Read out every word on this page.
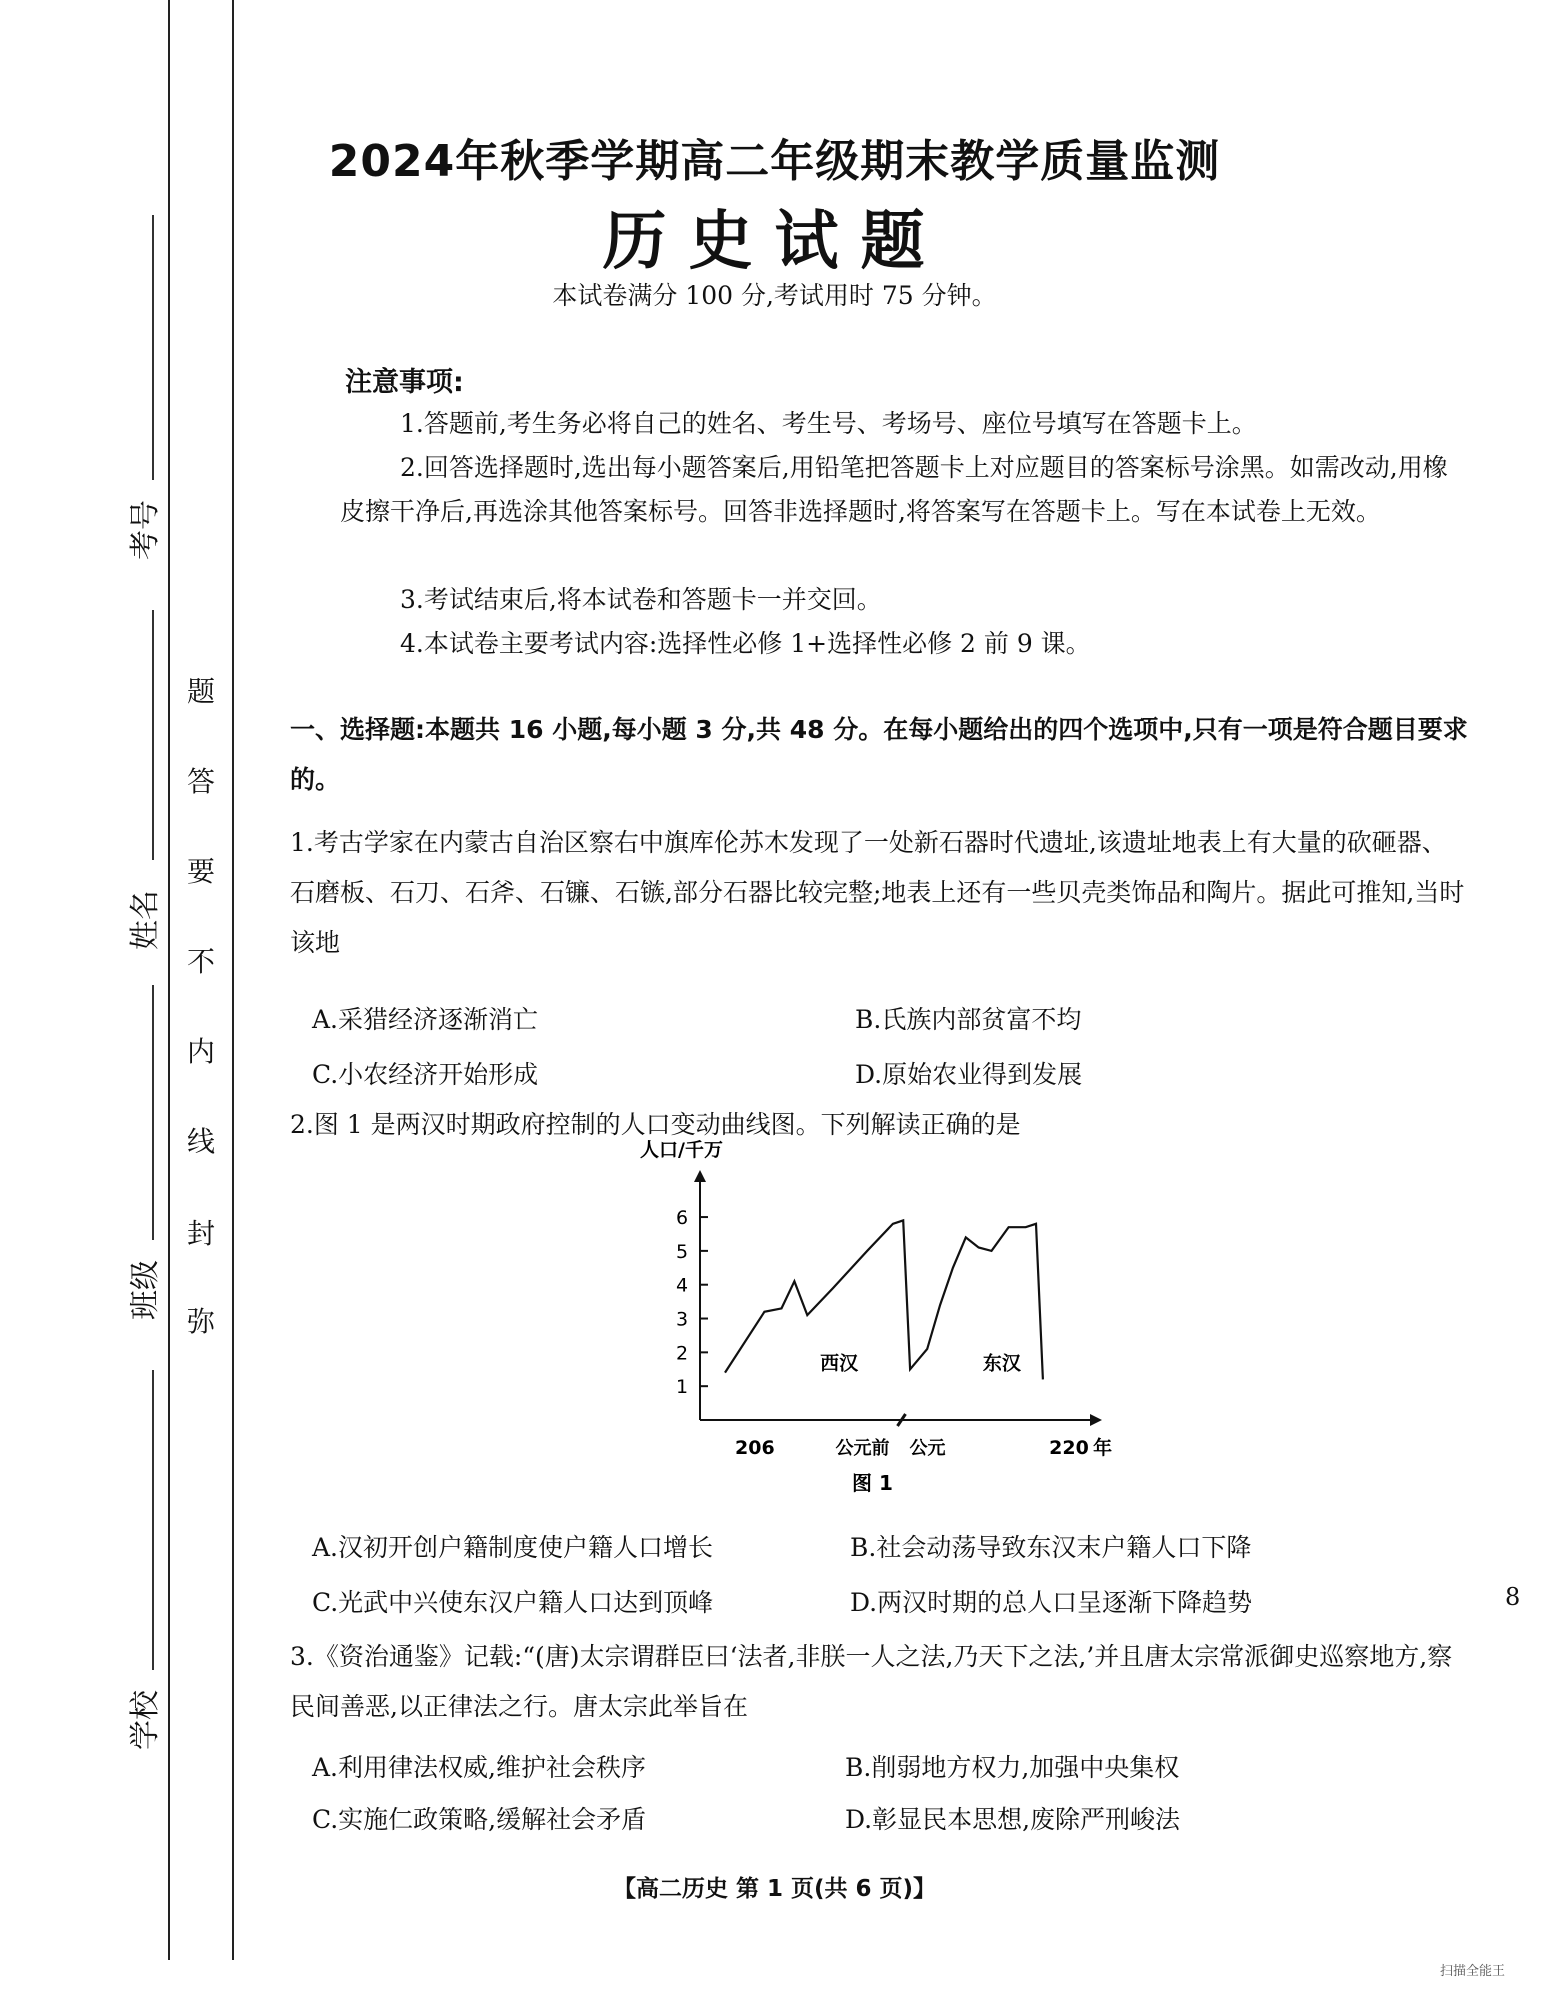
考号
姓名
班级
学校
弥
封
线
内
不
要
答
题
2024年秋季学期高二年级期末教学质量监测
历史试题
本试卷满分 100 分,考试用时 75 分钟。
注意事项:
1.答题前,考生务必将自己的姓名、考生号、考场号、座位号填写在答题卡上。
2.回答选择题时,选出每小题答案后,用铅笔把答题卡上对应题目的答案标号涂黑。如需改动,用橡皮擦干净后,再选涂其他答案标号。回答非选择题时,将答案写在答题卡上。写在本试卷上无效。
3.考试结束后,将本试卷和答题卡一并交回。
4.本试卷主要考试内容:选择性必修 1+选择性必修 2 前 9 课。
一、选择题:本题共 16 小题,每小题 3 分,共 48 分。在每小题给出的四个选项中,只有一项是符合题目要求的。
1.考古学家在内蒙古自治区察右中旗库伦苏木发现了一处新石器时代遗址,该遗址地表上有大量的砍砸器、石磨板、石刀、石斧、石镰、石镞,部分石器比较完整;地表上还有一些贝壳类饰品和陶片。据此可推知,当时该地
A.采猎经济逐渐消亡	B.氏族内部贫富不均
C.小农经济开始形成	D.原始农业得到发展
2.图 1 是两汉时期政府控制的人口变动曲线图。下列解读正确的是
1
2
3
4
5
6
人口/千万
206	公元前 公元	220 年
西汉	东汉
图 1
A.汉初开创户籍制度使户籍人口增长	B.社会动荡导致东汉末户籍人口下降
C.光武中兴使东汉户籍人口达到顶峰	D.两汉时期的总人口呈逐渐下降趋势
3.《资治通鉴》记载:“(唐)太宗谓群臣曰‘法者,非朕一人之法,乃天下之法,’并且唐太宗常派御史巡察地方,察民间善恶,以正律法之行。唐太宗此举旨在
A.利用律法权威,维护社会秩序	B.削弱地方权力,加强中央集权
C.实施仁政策略,缓解社会矛盾	D.彰显民本思想,废除严刑峻法
【高二历史 第 1 页(共 6 页)】
8
扫描全能王
